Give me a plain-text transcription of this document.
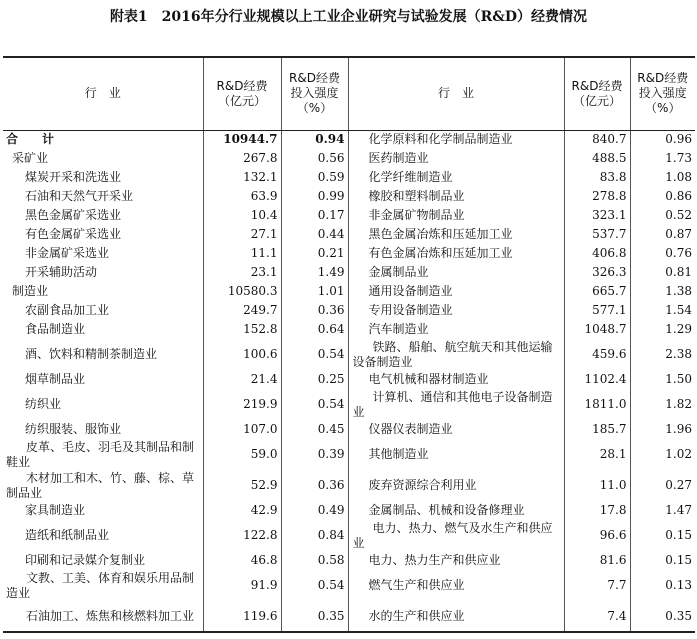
附表1　2016年分行业规模以上工业企业研究与试验发展（R&D）经费情况
行　业	R&D经费（亿元）	R&D经费投入强度（%）	行　业	R&D经费（亿元）	R&D经费投入强度（%）
合　　计	10944.7	0.94	化学原料和化学制品制造业	840.7	0.96
采矿业	267.8	0.56	医药制造业	488.5	1.73
煤炭开采和洗选业	132.1	0.59	化学纤维制造业	83.8	1.08
石油和天然气开采业	63.9	0.99	橡胶和塑料制品业	278.8	0.86
黑色金属矿采选业	10.4	0.17	非金属矿物制品业	323.1	0.52
有色金属矿采选业	27.1	0.44	黑色金属冶炼和压延加工业	537.7	0.87
非金属矿采选业	11.1	0.21	有色金属冶炼和压延加工业	406.8	0.76
开采辅助活动	23.1	1.49	金属制品业	326.3	0.81
制造业	10580.3	1.01	通用设备制造业	665.7	1.38
农副食品加工业	249.7	0.36	专用设备制造业	577.1	1.54
食品制造业	152.8	0.64	汽车制造业	1048.7	1.29
酒、饮料和精制茶制造业	100.6	0.54	铁路、船舶、航空航天和其他运输设备制造业	459.6	2.38
烟草制品业	21.4	0.25	电气机械和器材制造业	1102.4	1.50
纺织业	219.9	0.54	计算机、通信和其他电子设备制造业	1811.0	1.82
纺织服装、服饰业	107.0	0.45	仪器仪表制造业	185.7	1.96
皮革、毛皮、羽毛及其制品和制鞋业	59.0	0.39	其他制造业	28.1	1.02
木材加工和木、竹、藤、棕、草制品业	52.9	0.36	废弃资源综合利用业	11.0	0.27
家具制造业	42.9	0.49	金属制品、机械和设备修理业	17.8	1.47
造纸和纸制品业	122.8	0.84	电力、热力、燃气及水生产和供应业	96.6	0.15
印刷和记录媒介复制业	46.8	0.58	电力、热力生产和供应业	81.6	0.15
文教、工美、体育和娱乐用品制造业	91.9	0.54	燃气生产和供应业	7.7	0.13
石油加工、炼焦和核燃料加工业	119.6	0.35	水的生产和供应业	7.4	0.35
